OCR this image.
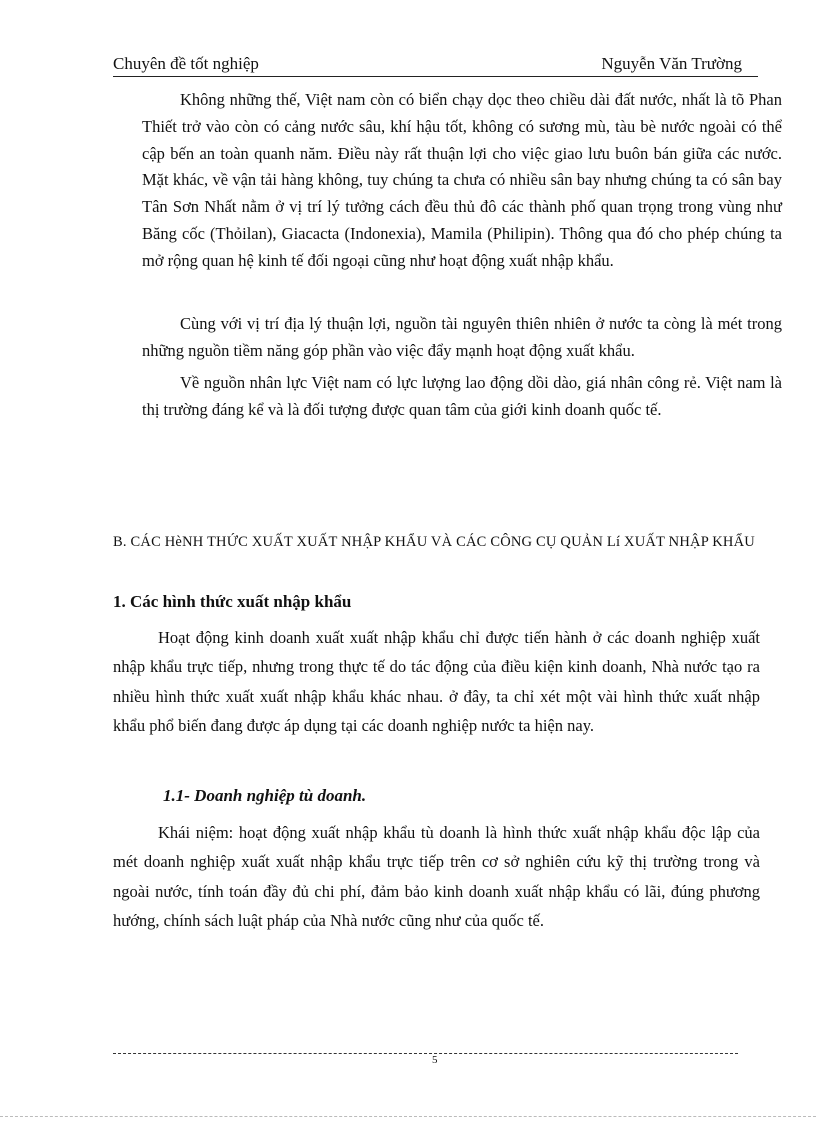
Chuyên đề tốt nghiệp	Nguyễn Văn Trường

Không những thế, Việt nam còn có biển chạy dọc theo chiều dài đất nước, nhất là tõ Phan Thiết trở vào còn có cảng nước sâu, khí hậu tốt, không có sương mù, tàu bè nước ngoài có thể cập bến an toàn quanh năm. Điều này rất thuận lợi cho việc giao lưu buôn bán giữa các nước. Mặt khác, về vận tải hàng không, tuy chúng ta chưa có nhiều sân bay nhưng chúng ta có sân bay Tân Sơn Nhất nằm ở vị trí lý tưởng cách đều thủ đô các thành phố quan trọng trong vùng như Băng cốc (Thỏilan), Giacacta (Indonexia), Mamila (Philipin). Thông qua đó cho phép chúng ta mở rộng quan hệ kinh tế đối ngoại cũng như hoạt động xuất nhập khẩu.

Cùng với vị trí địa lý thuận lợi, nguồn tài nguyên thiên nhiên ở nước ta còng là mét trong những nguồn tiềm năng góp phần vào việc đẩy mạnh hoạt động xuất khẩu.

Về nguồn nhân lực Việt nam có lực lượng lao động dồi dào, giá nhân công rẻ. Việt nam là thị trường đáng kể và là đối tượng được quan tâm của giới kinh doanh quốc tế.

B. CÁC HèNH THỨC XUẤT XUẤT NHẬP KHẨU VÀ CÁC CÔNG CỤ QUẢN Lí XUẤT NHẬP KHẨU

1. Các hình thức xuất nhập khẩu

Hoạt động kinh doanh xuất xuất nhập khẩu chỉ được tiến hành ở các doanh nghiệp xuất nhập khẩu trực tiếp, nhưng trong thực tế do tác động của điều kiện kinh doanh, Nhà nước tạo ra nhiều hình thức xuất xuất nhập khẩu khác nhau. ở đây, ta chỉ xét một vài hình thức xuất nhập khẩu phổ biến đang được áp dụng tại các doanh nghiệp nước ta hiện nay.

1.1- Doanh nghiệp tù doanh.

Khái niệm: hoạt động xuất nhập khẩu tù doanh là hình thức xuất nhập khẩu độc lập của mét doanh nghiệp xuất xuất nhập khẩu trực tiếp trên cơ sở nghiên cứu kỹ thị trường trong và ngoài nước, tính toán đầy đủ chi phí, đảm bảo kinh doanh xuất nhập khẩu có lãi, đúng phương hướng, chính sách luật pháp của Nhà nước cũng như của quốc tế.

5
